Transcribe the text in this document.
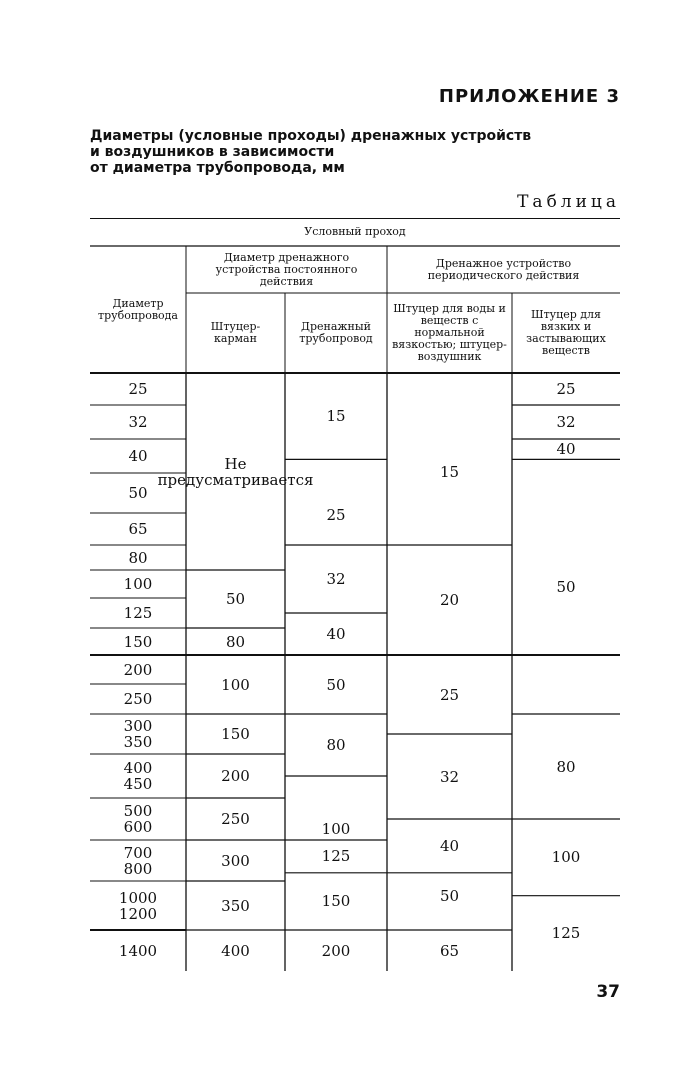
ПРИЛОЖЕНИЕ 3
Диаметры (условные проходы) дренажных устройств
и воздушников в зависимости
от диаметра трубопровода, мм
Таблица
Условный проход
Диаметр трубопровода
Диаметр дренажного устройства постоянного действия
Дренажное устройство периодического действия
Штуцер-карман
Дренажный трубопровод
Штуцер для воды и веществ с нормальной вязкостью; штуцер-воздушник
Штуцер для вязких и застывающих веществ
25
32
40
50
65
80
100
125
150
200
250
300
350
400
450
500
600
700
800
1000
1200
1400
Не предусматривается
50
80
100
150
200
250
300
350
400
15
25
32
40
50
80
100
125
150
200
15
20
25
32
40
50
65
25
32
40
50
80
100
125
37
